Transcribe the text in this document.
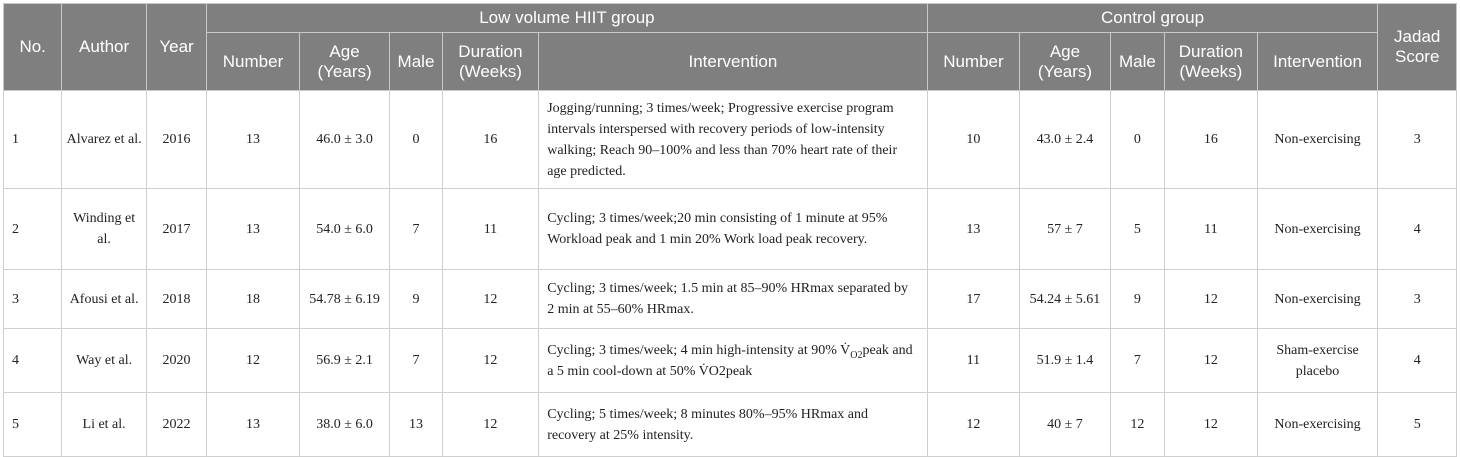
No.	Author	Year	Low volume HIIT group					Control group					Jadad Score
			Number	Age (Years)	Male	Duration (Weeks)	Intervention	Number	Age (Years)	Male	Duration (Weeks)	Intervention	
1	Alvarez et al.	2016	13	46.0 ± 3.0	0	16	Jogging/running; 3 times/week; Progressive exercise program intervals interspersed with recovery periods of low-intensity walking; Reach 90–100% and less than 70% heart rate of their age predicted.	10	43.0 ± 2.4	0	16	Non-exercising	3
2	Winding et al.	2017	13	54.0 ± 6.0	7	11	Cycling; 3 times/week;20 min consisting of 1 minute at 95% Workload peak and 1 min 20% Work load peak recovery.	13	57 ± 7	5	11	Non-exercising	4
3	Afousi et al.	2018	18	54.78 ± 6.19	9	12	Cycling; 3 times/week; 1.5 min at 85–90% HRmax separated by 2 min at 55–60% HRmax.	17	54.24 ± 5.61	9	12	Non-exercising	3
4	Way et al.	2020	12	56.9 ± 2.1	7	12	Cycling; 3 times/week; 4 min high-intensity at 90% $V̇_{O2}peak$ and a 5 min cool-down at 50% V̇O2peak	11	51.9 ± 1.4	7	12	Sham-exercise placebo	4
5	Li et al.	2022	13	38.0 ± 6.0	13	12	Cycling; 5 times/week; 8 minutes 80%–95% HRmax and recovery at 25% intensity.	12	40 ± 7	12	12	Non-exercising	5
